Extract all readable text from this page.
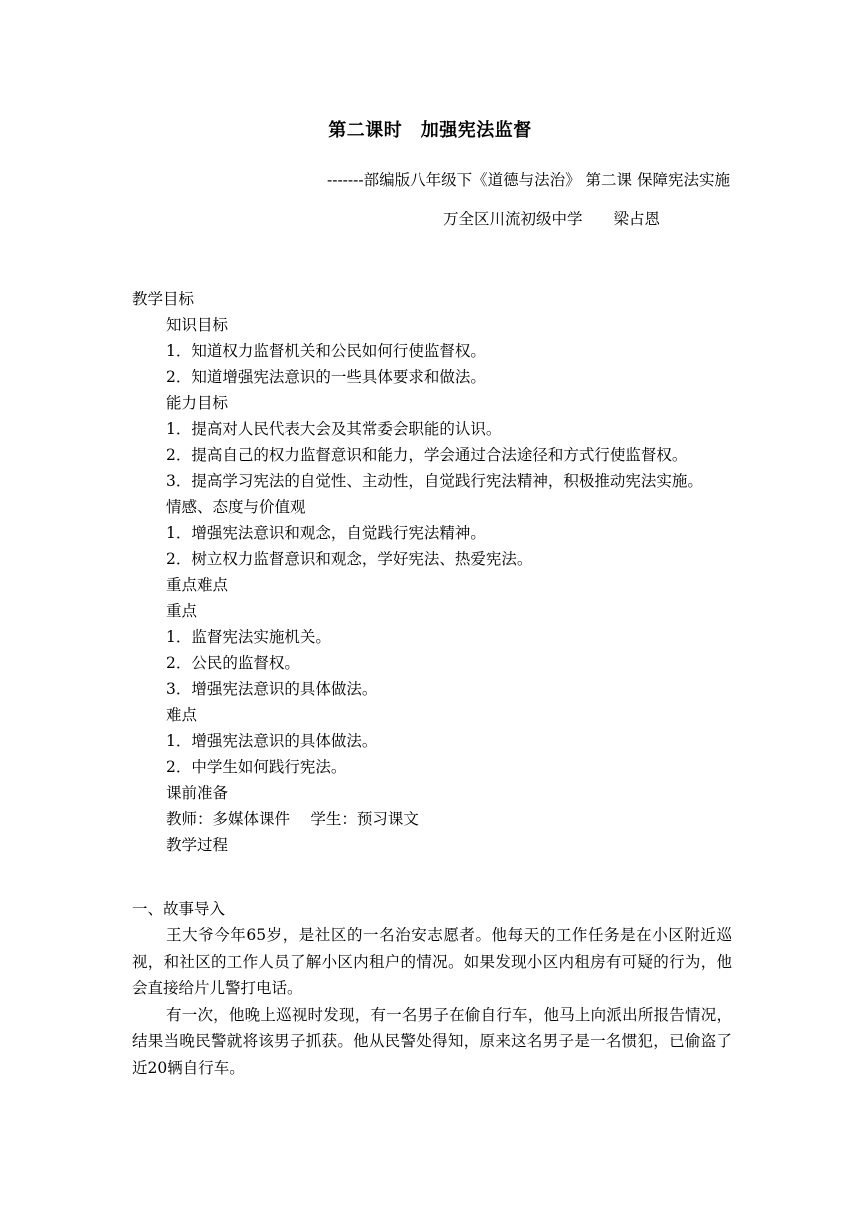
第二课时　加强宪法监督
-------部编版八年级下《道德与法治》 第二课 保障宪法实施
万全区川流初级中学　　梁占恩
教学目标
知识目标
1．知道权力监督机关和公民如何行使监督权。
2．知道增强宪法意识的一些具体要求和做法。
能力目标
1．提高对人民代表大会及其常委会职能的认识。
2．提高自己的权力监督意识和能力，学会通过合法途径和方式行使监督权。
3．提高学习宪法的自觉性、主动性，自觉践行宪法精神，积极推动宪法实施。
情感、态度与价值观
1．增强宪法意识和观念，自觉践行宪法精神。
2．树立权力监督意识和观念，学好宪法、热爱宪法。
重点难点
重点
1．监督宪法实施机关。
2．公民的监督权。
3．增强宪法意识的具体做法。
难点
1．增强宪法意识的具体做法。
2．中学生如何践行宪法。
课前准备
教师：多媒体课件　 学生：预习课文
教学过程
一、故事导入
王大爷今年65岁，是社区的一名治安志愿者。他每天的工作任务是在小区附近巡视，和社区的工作人员了解小区内租户的情况。如果发现小区内租房有可疑的行为，他会直接给片儿警打电话。
有一次，他晚上巡视时发现，有一名男子在偷自行车，他马上向派出所报告情况，结果当晚民警就将该男子抓获。他从民警处得知，原来这名男子是一名惯犯，已偷盗了近20辆自行车。
